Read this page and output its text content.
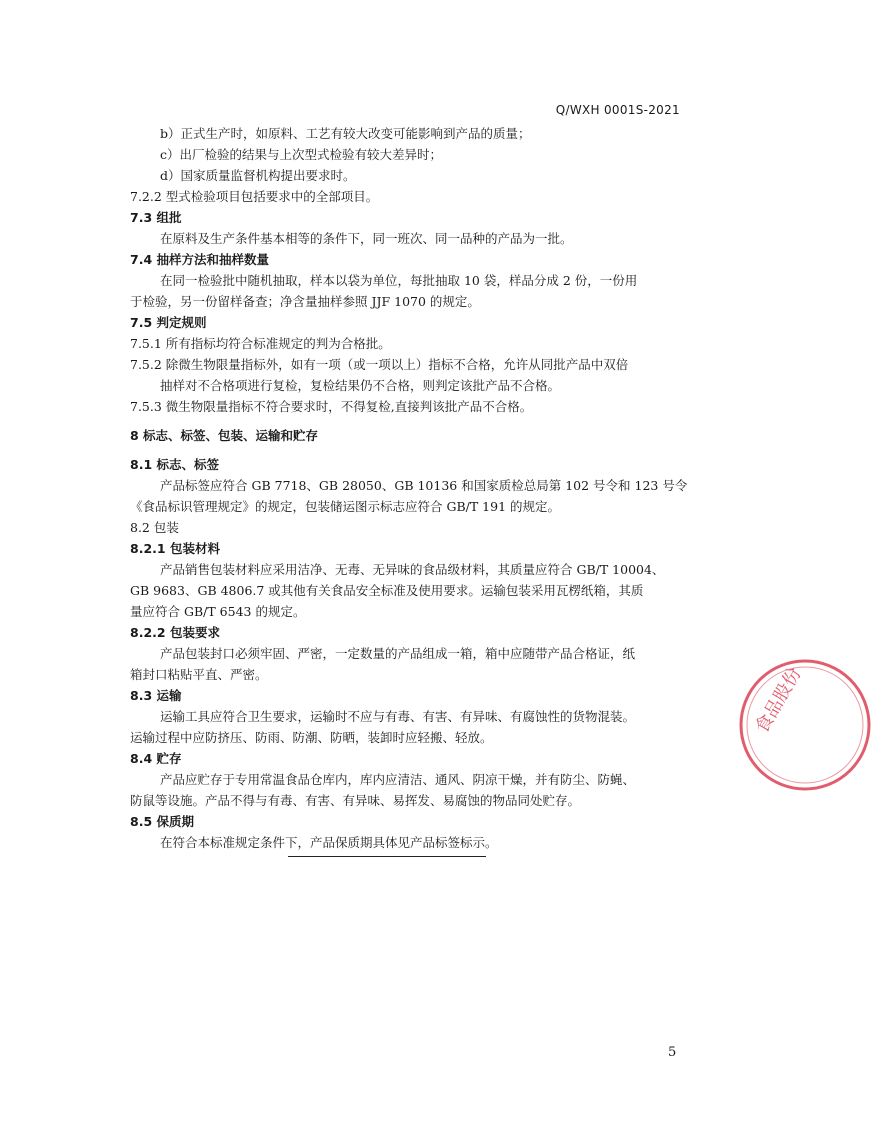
Q/WXH 0001S-2021
b）正式生产时，如原料、工艺有较大改变可能影响到产品的质量；
c）出厂检验的结果与上次型式检验有较大差异时；
d）国家质量监督机构提出要求时。
7.2.2 型式检验项目包括要求中的全部项目。
7.3 组批
在原料及生产条件基本相等的条件下，同一班次、同一品种的产品为一批。
7.4 抽样方法和抽样数量
在同一检验批中随机抽取，样本以袋为单位，每批抽取 10 袋，样品分成 2 份，一份用
于检验，另一份留样备查；净含量抽样参照 JJF 1070 的规定。
7.5 判定规则
7.5.1 所有指标均符合标准规定的判为合格批。
7.5.2 除微生物限量指标外，如有一项（或一项以上）指标不合格，允许从同批产品中双倍
抽样对不合格项进行复检，复检结果仍不合格，则判定该批产品不合格。
7.5.3 微生物限量指标不符合要求时，不得复检,直接判该批产品不合格。
8 标志、标签、包装、运输和贮存
8.1 标志、标签
产品标签应符合 GB 7718、GB 28050、GB 10136 和国家质检总局第 102 号令和 123 号令
《食品标识管理规定》的规定，包装储运图示标志应符合 GB/T 191 的规定。
8.2 包装
8.2.1 包装材料
产品销售包装材料应采用洁净、无毒、无异味的食品级材料，其质量应符合 GB/T 10004、
GB 9683、GB 4806.7 或其他有关食品安全标准及使用要求。运输包装采用瓦楞纸箱，其质
量应符合 GB/T 6543 的规定。
8.2.2 包装要求
产品包装封口必须牢固、严密，一定数量的产品组成一箱，箱中应随带产品合格证，纸
箱封口粘贴平直、严密。
8.3 运输
运输工具应符合卫生要求，运输时不应与有毒、有害、有异味、有腐蚀性的货物混装。
运输过程中应防挤压、防雨、防潮、防晒，装卸时应轻搬、轻放。
8.4 贮存
产品应贮存于专用常温食品仓库内，库内应清洁、通风、阴凉干燥，并有防尘、防蝇、
防鼠等设施。产品不得与有毒、有害、有异味、易挥发、易腐蚀的物品同处贮存。
8.5 保质期
在符合本标准规定条件下，产品保质期具体见产品标签标示。
5
食品股份
